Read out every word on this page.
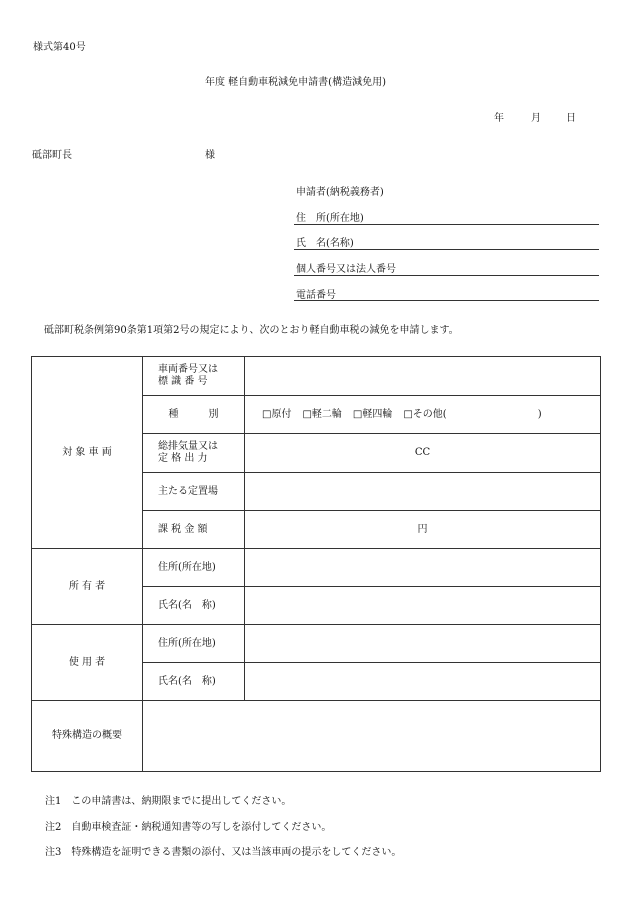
様式第40号
年度 軽自動車税減免申請書(構造減免用)
年	月	日
砥部町長	様
申請者(納税義務者)
住　所(所在地)
氏　名(名称)
個人番号又は法人番号
電話番号
砥部町税条例第90条第1項第2号の規定により、次のとおり軽自動車税の減免を申請します。
対 象 車 両	車両番号又は
標 識 番 号	

	種　　　別	□原付 □軽二輪 □軽四輪 □その他( )

	総排気量又は
定 格 出 力	CC
	主たる定置場	
	課 税 金 額	円
所 有 者	住所(所在地)	
	氏名(名　称)	
使 用 者	住所(所在地)	
	氏名(名　称)	
特殊構造の概要		
注1　この申請書は、納期限までに提出してください。
注2　自動車検査証・納税通知書等の写しを添付してください。
注3　特殊構造を証明できる書類の添付、又は当該車両の提示をしてください。
